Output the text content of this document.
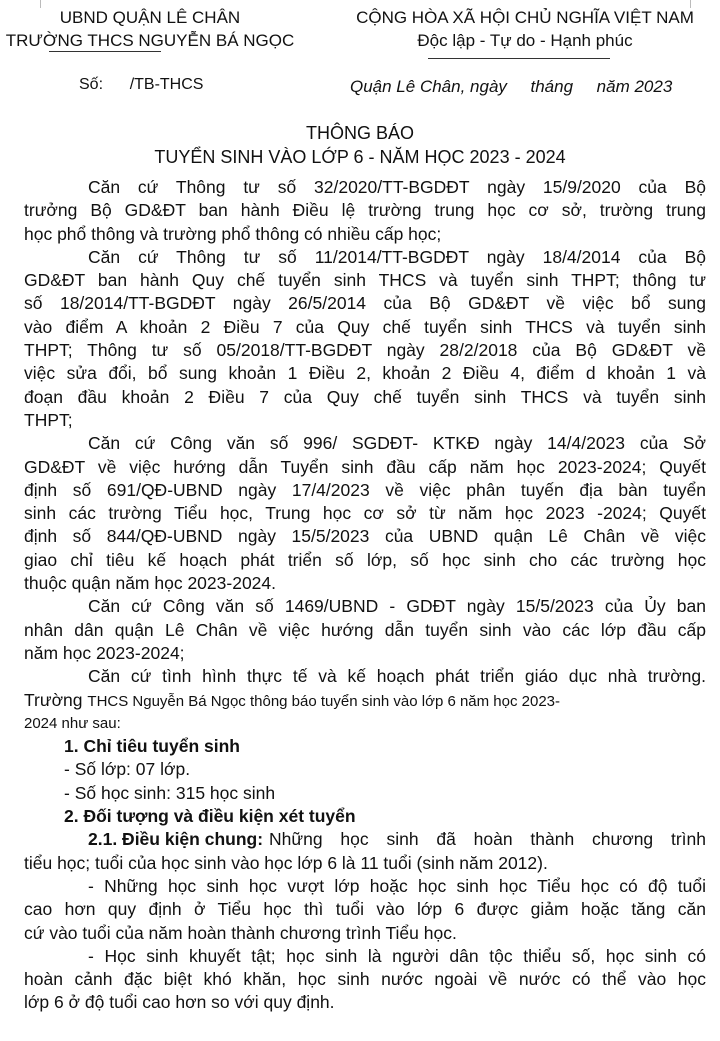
UBND QUẬN LÊ CHÂN
TRƯỜNG THCS NGUYỄN BÁ NGỌC
CỘNG HÒA XÃ HỘI CHỦ NGHĨA VIỆT NAM
Độc lập - Tự do - Hạnh phúc
Số:      /TB-THCS	Quận Lê Chân, ngày     tháng     năm 2023
THÔNG BÁO
TUYỂN SINH VÀO LỚP 6 - NĂM HỌC 2023 - 2024
Căn cứ Thông tư số 32/2020/TT-BGDĐT ngày 15/9/2020 của Bộ
trưởng Bộ GD&ĐT ban hành Điều lệ trường trung học cơ sở, trường trung
học phổ thông và trường phổ thông có nhiều cấp học;
Căn cứ Thông tư số 11/2014/TT-BGDĐT ngày 18/4/2014 của Bộ
GD&ĐT ban hành Quy chế tuyển sinh THCS và tuyển sinh THPT; thông tư
số 18/2014/TT-BGDĐT ngày 26/5/2014 của Bộ GD&ĐT về việc bổ sung
vào điểm A khoản 2 Điều 7 của Quy chế tuyển sinh THCS và tuyển sinh
THPT; Thông tư số 05/2018/TT-BGDĐT ngày 28/2/2018 của Bộ GD&ĐT về
việc sửa đổi, bổ sung khoản 1 Điều 2, khoản 2 Điều 4, điểm d khoản 1 và
đoạn đầu khoản 2 Điều 7 của Quy chế tuyển sinh THCS và tuyển sinh
THPT;
Căn cứ Công văn số 996/ SGDĐT- KTKĐ ngày 14/4/2023 của Sở
GD&ĐT về việc hướng dẫn Tuyển sinh đầu cấp năm học 2023-2024; Quyết
định số 691/QĐ-UBND ngày 17/4/2023 về việc phân tuyến địa bàn tuyển
sinh các trường Tiểu học, Trung học cơ sở từ năm học 2023 -2024; Quyết
định số 844/QĐ-UBND ngày 15/5/2023 của UBND quận Lê Chân về việc
giao chỉ tiêu kế hoạch phát triển số lớp, số học sinh cho các trường học
thuộc quận năm học 2023-2024.
Căn cứ Công văn số 1469/UBND - GDĐT ngày 15/5/2023 của Ủy ban
nhân dân quận Lê Chân về việc hướng dẫn tuyển sinh vào các lớp đầu cấp
năm học 2023-2024;
Căn cứ tình hình thực tế và kế hoạch phát triển giáo dục nhà trường.
Trường THCS Nguyễn Bá Ngọc thông báo tuyển sinh vào lớp 6 năm học 2023-
2024 như sau:
1. Chỉ tiêu tuyển sinh
- Số lớp: 07 lớp.
- Số học sinh: 315 học sinh
2. Đối tượng và điều kiện xét tuyển
2.1. Điều kiện chung: Những học sinh đã hoàn thành chương trình
tiểu học; tuổi của học sinh vào học lớp 6 là 11 tuổi (sinh năm 2012).
- Những học sinh học vượt lớp hoặc học sinh học Tiểu học có độ tuổi
cao hơn quy định ở Tiểu học thì tuổi vào lớp 6 được giảm hoặc tăng căn
cứ vào tuổi của năm hoàn thành chương trình Tiểu học.
- Học sinh khuyết tật; học sinh là người dân tộc thiểu số, học sinh có
hoàn cảnh đặc biệt khó khăn, học sinh nước ngoài về nước có thể vào học
lớp 6 ở độ tuổi cao hơn so với quy định.
